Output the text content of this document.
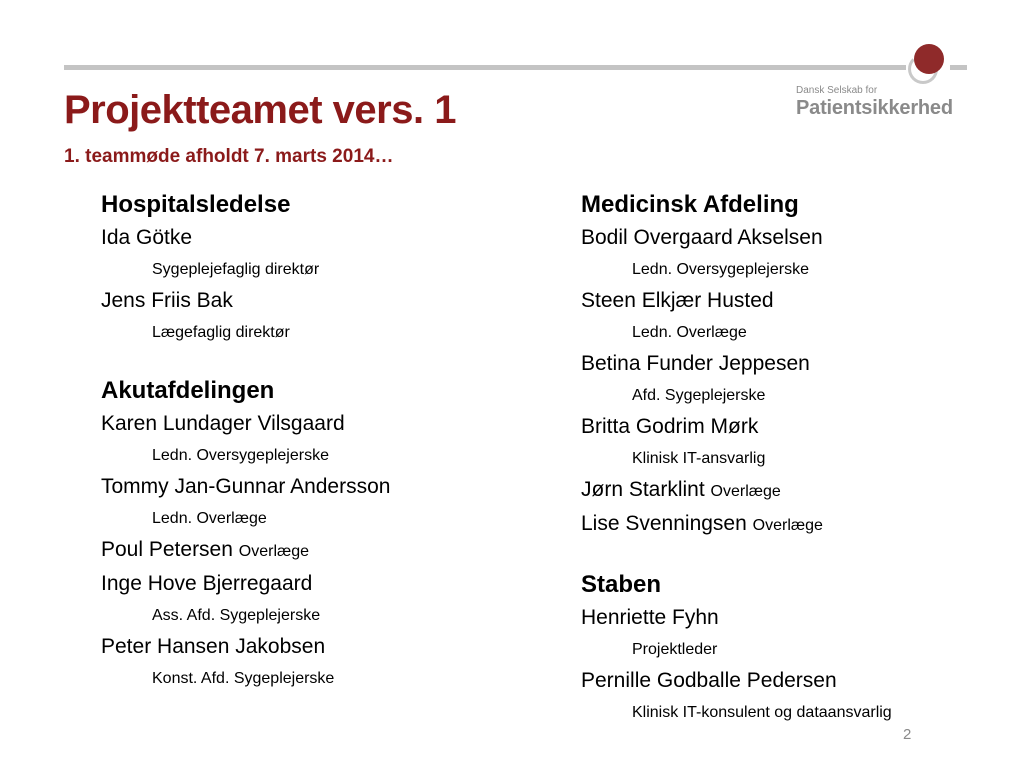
Dansk Selskab for
Patientsikkerhed
Projektteamet vers. 1
1. teammøde afholdt 7. marts 2014…
Hospitalsledelse
Ida Götke
Sygeplejefaglig direktør
Jens Friis Bak
Lægefaglig direktør
Akutafdelingen
Karen Lundager Vilsgaard
Ledn. Oversygeplejerske
Tommy Jan-Gunnar Andersson
Ledn. Overlæge
Poul Petersen Overlæge
Inge Hove Bjerregaard
Ass. Afd. Sygeplejerske
Peter Hansen Jakobsen
Konst. Afd. Sygeplejerske
Medicinsk Afdeling
Bodil Overgaard Akselsen
Ledn. Oversygeplejerske
Steen Elkjær Husted
Ledn. Overlæge
Betina Funder Jeppesen
Afd. Sygeplejerske
Britta Godrim Mørk
Klinisk IT-ansvarlig
Jørn Starklint Overlæge
Lise Svenningsen Overlæge
Staben
Henriette Fyhn
Projektleder
Pernille Godballe Pedersen
Klinisk IT-konsulent og dataansvarlig
2
